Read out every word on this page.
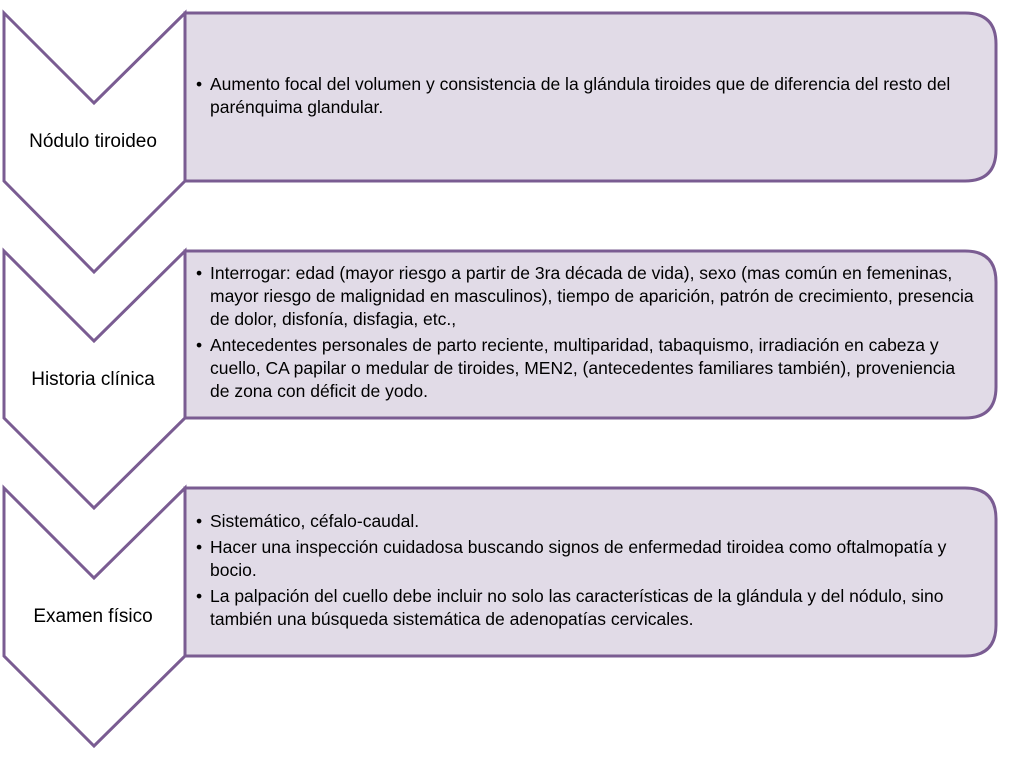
Nódulo tiroideo
• Aumento focal del volumen y consistencia de la glándula tiroides que de diferencia del resto del parénquima glandular.
Historia clínica
• Interrogar: edad (mayor riesgo a partir de 3ra década de vida), sexo (mas común en femeninas, mayor riesgo de malignidad en masculinos), tiempo de aparición, patrón de crecimiento, presencia de dolor, disfonía, disfagia, etc.,
• Antecedentes personales de parto reciente, multiparidad, tabaquismo, irradiación en cabeza y cuello, CA papilar o medular de tiroides, MEN2, (antecedentes familiares también), proveniencia de zona con déficit de yodo.
Examen físico
• Sistemático, céfalo-caudal.
• Hacer una inspección cuidadosa buscando signos de enfermedad tiroidea como oftalmopatía y bocio.
• La palpación del cuello debe incluir no solo las características de la glándula y del nódulo, sino también una búsqueda sistemática de adenopatías cervicales.
